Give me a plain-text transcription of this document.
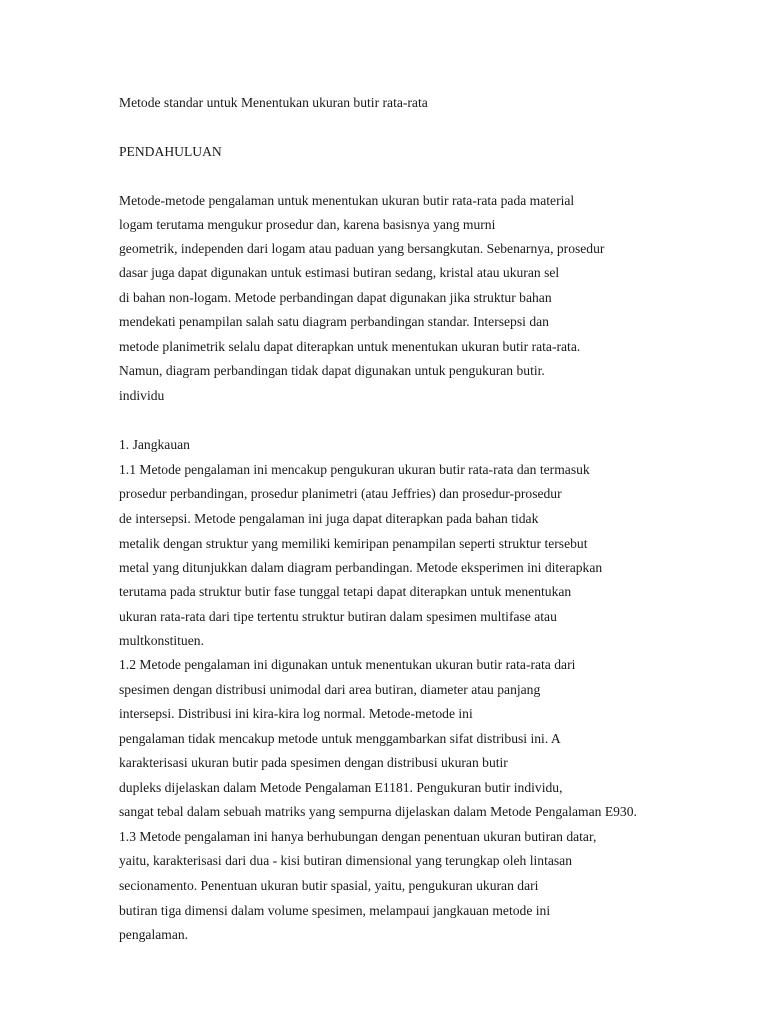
Metode standar untuk Menentukan ukuran butir rata-rata
PENDAHULUAN
Metode-metode pengalaman untuk menentukan ukuran butir rata-rata pada material
logam terutama mengukur prosedur dan, karena basisnya yang murni
geometrik, independen dari logam atau paduan yang bersangkutan. Sebenarnya, prosedur
dasar juga dapat digunakan untuk estimasi butiran sedang, kristal atau ukuran sel
di bahan non-logam. Metode perbandingan dapat digunakan jika struktur bahan
mendekati penampilan salah satu diagram perbandingan standar. Intersepsi dan
metode planimetrik selalu dapat diterapkan untuk menentukan ukuran butir rata-rata.
Namun, diagram perbandingan tidak dapat digunakan untuk pengukuran butir.
individu
1. Jangkauan
1.1 Metode pengalaman ini mencakup pengukuran ukuran butir rata-rata dan termasuk
prosedur perbandingan, prosedur planimetri (atau Jeffries) dan prosedur-prosedur
de intersepsi. Metode pengalaman ini juga dapat diterapkan pada bahan tidak
metalik dengan struktur yang memiliki kemiripan penampilan seperti struktur tersebut
metal yang ditunjukkan dalam diagram perbandingan. Metode eksperimen ini diterapkan
terutama pada struktur butir fase tunggal tetapi dapat diterapkan untuk menentukan
ukuran rata-rata dari tipe tertentu struktur butiran dalam spesimen multifase atau
multkonstituen.
1.2 Metode pengalaman ini digunakan untuk menentukan ukuran butir rata-rata dari
spesimen dengan distribusi unimodal dari area butiran, diameter atau panjang
intersepsi. Distribusi ini kira-kira log normal. Metode-metode ini
pengalaman tidak mencakup metode untuk menggambarkan sifat distribusi ini. A
karakterisasi ukuran butir pada spesimen dengan distribusi ukuran butir
dupleks dijelaskan dalam Metode Pengalaman E1181. Pengukuran butir individu,
sangat tebal dalam sebuah matriks yang sempurna dijelaskan dalam Metode Pengalaman E930.
1.3 Metode pengalaman ini hanya berhubungan dengan penentuan ukuran butiran datar,
yaitu, karakterisasi dari dua - kisi butiran dimensional yang terungkap oleh lintasan
secionamento. Penentuan ukuran butir spasial, yaitu, pengukuran ukuran dari
butiran tiga dimensi dalam volume spesimen, melampaui jangkauan metode ini
pengalaman.
